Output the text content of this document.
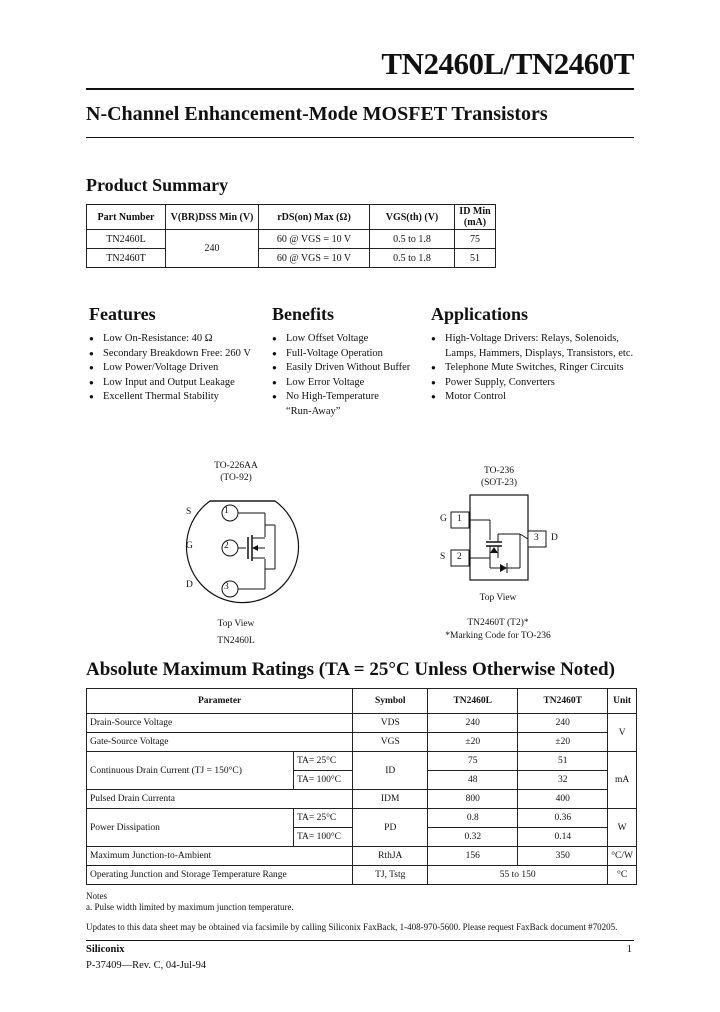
TN2460L/TN2460T
N-Channel Enhancement-Mode MOSFET Transistors
Product Summary
Part Number	V(BR)DSS Min (V)	rDS(on) Max (Ω)	VGS(th) (V)	ID Min (mA)
TN2460L	240	60 @ VGS = 10 V	0.5 to 1.8	75
TN2460T		60 @ VGS = 10 V	0.5 to 1.8	51
Features
● Low On-Resistance: 40 Ω
● Secondary Breakdown Free: 260 V
● Low Power/Voltage Driven
● Low Input and Output Leakage
● Excellent Thermal Stability
Benefits
● Low Offset Voltage
● Full-Voltage Operation
● Easily Driven Without Buffer
● Low Error Voltage
● No High-Temperature
“Run-Away”
Applications
● High-Voltage Drivers: Relays, Solenoids,
Lamps, Hammers, Displays, Transistors, etc.
● Telephone Mute Switches, Ringer Circuits
● Power Supply, Converters
● Motor Control
TO-226AA
(TO-92)
1
2
3
S
G
D
Top View
TN2460L
TO-236
(SOT-23)
1
2
3
G
S
D
Top View
TN2460T (T2)*
*Marking Code for TO-236
Absolute Maximum Ratings (TA = 25°C Unless Otherwise Noted)
Parameter		Symbol	TN2460L	TN2460T	Unit
Drain-Source Voltage		VDS	240	240	V
Gate-Source Voltage		VGS	±20	±20	
Continuous Drain Current (TJ = 150°C)	TA= 25°C	ID	75	51	mA
	TA= 100°C		48	32	
Pulsed Drain Currenta		IDM	800	400	
Power Dissipation	TA= 25°C	PD	0.8	0.36	W
	TA= 100°C		0.32	0.14	
Maximum Junction-to-Ambient		RthJA	156	350	°C/W
Operating Junction and Storage Temperature Range		TJ, Tstg	55 to 150		°C
Notes
a. Pulse width limited by maximum junction temperature.
Updates to this data sheet may be obtained via facsimile by calling Siliconix FaxBack, 1-408-970-5600. Please request FaxBack document #70205.
Siliconix
P-37409—Rev. C, 04-Jul-94
1
